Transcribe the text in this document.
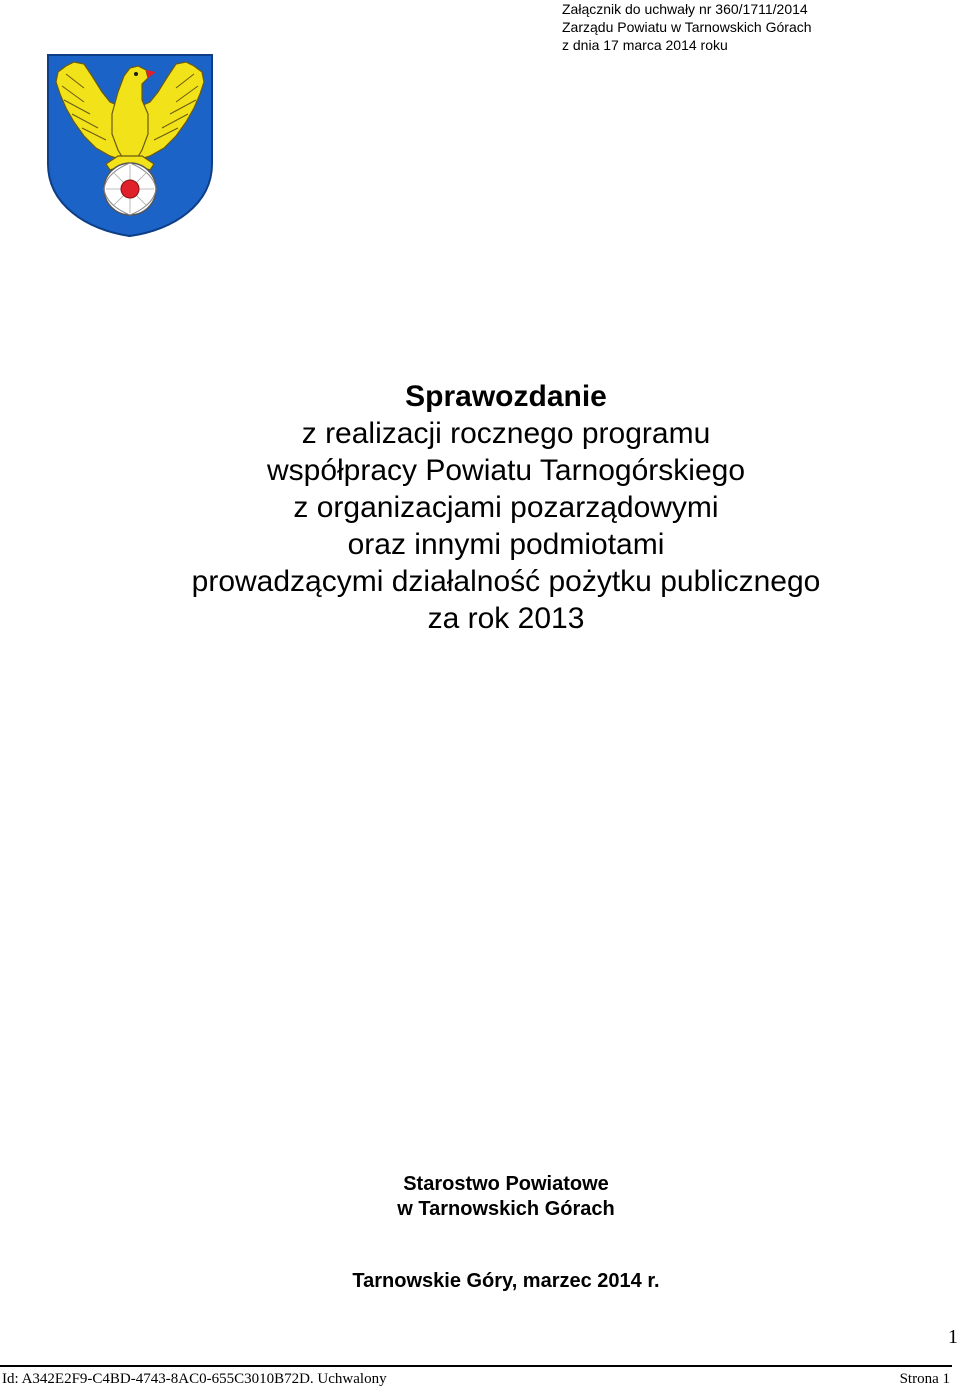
Załącznik do uchwały nr 360/1711/2014
Zarządu Powiatu w Tarnowskich Górach
z dnia 17 marca 2014 roku
Sprawozdanie
z realizacji rocznego programu
współpracy Powiatu Tarnogórskiego
z organizacjami pozarządowymi
oraz innymi podmiotami
prowadzącymi działalność pożytku publicznego
za rok 2013
Starostwo Powiatowe
w Tarnowskich Górach
Tarnowskie Góry, marzec 2014 r.
1
Id: A342E2F9-C4BD-4743-8AC0-655C3010B72D. Uchwalony	Strona 1
